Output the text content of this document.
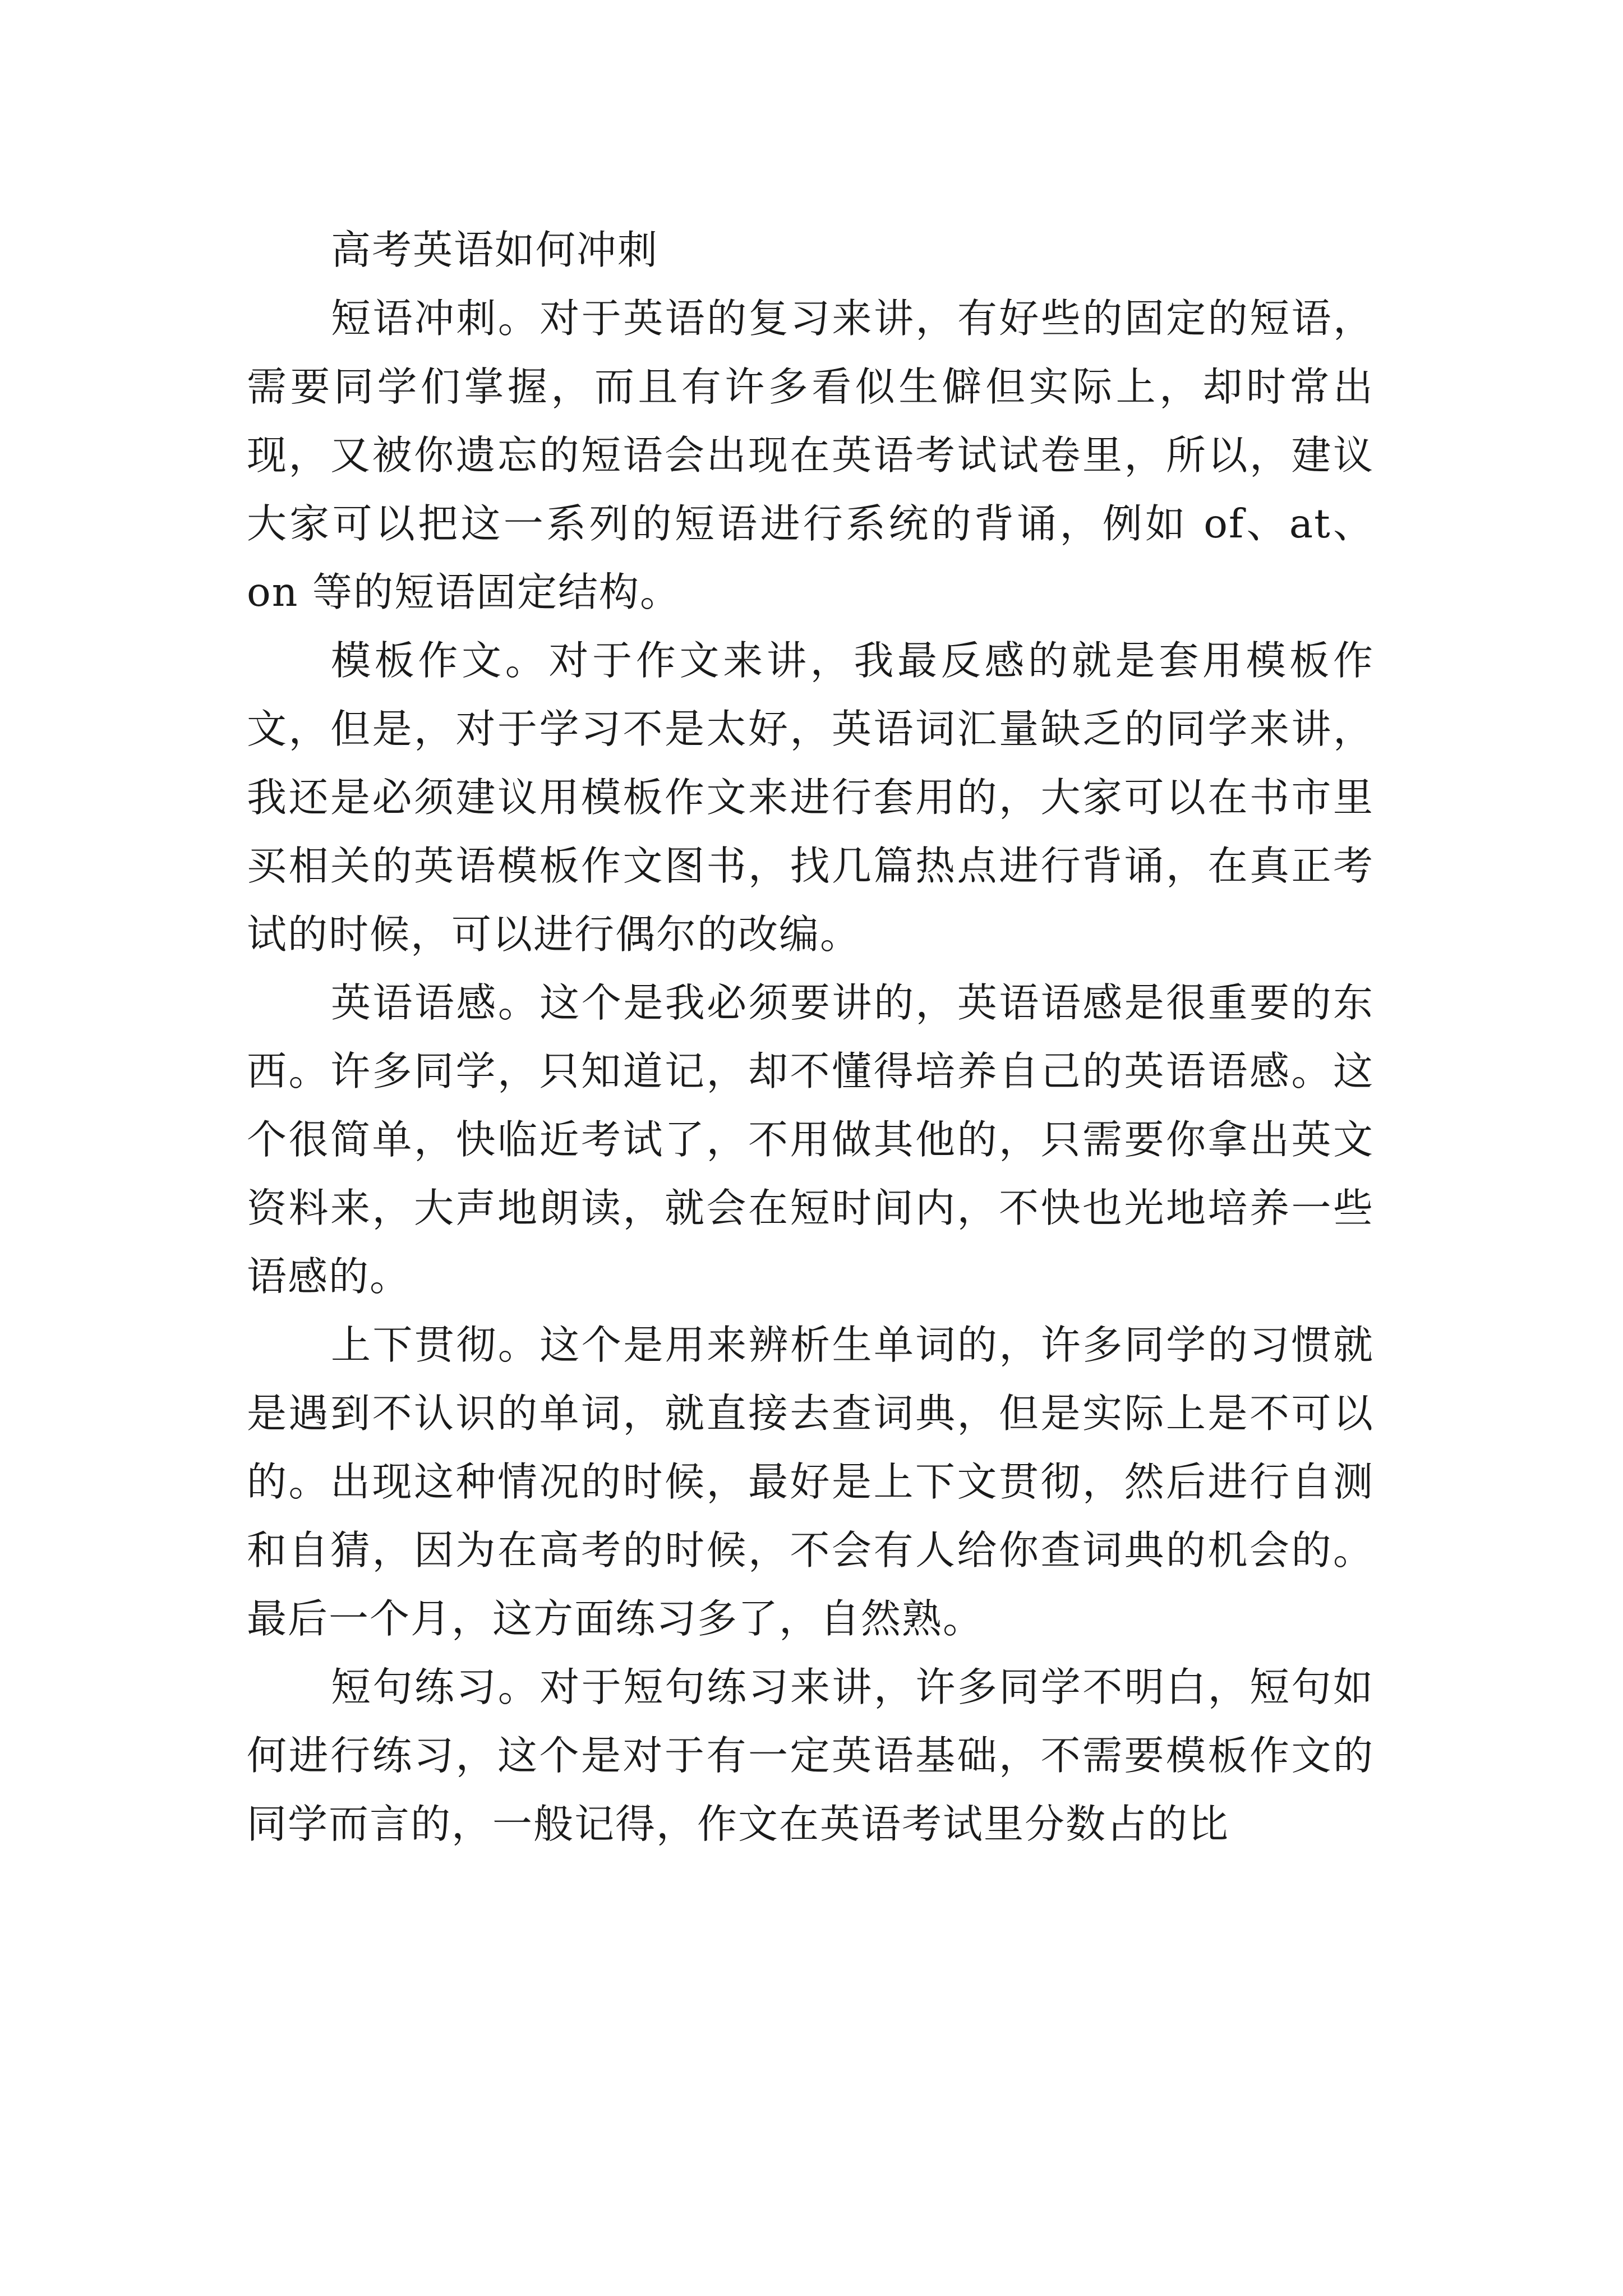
高考英语如何冲刺

短语冲刺。对于英语的复习来讲，有好些的固定的短语，需要同学们掌握，而且有许多看似生僻但实际上，却时常出现，又被你遗忘的短语会出现在英语考试试卷里，所以，建议大家可以把这一系列的短语进行系统的背诵，例如 of、at、on 等的短语固定结构。

模板作文。对于作文来讲，我最反感的就是套用模板作文，但是，对于学习不是太好，英语词汇量缺乏的同学来讲，我还是必须建议用模板作文来进行套用的，大家可以在书市里买相关的英语模板作文图书，找几篇热点进行背诵，在真正考试的时候，可以进行偶尔的改编。

英语语感。这个是我必须要讲的，英语语感是很重要的东西。许多同学，只知道记，却不懂得培养自己的英语语感。这个很简单，快临近考试了，不用做其他的，只需要你拿出英文资料来，大声地朗读，就会在短时间内，不快也光地培养一些语感的。

上下贯彻。这个是用来辨析生单词的，许多同学的习惯就是遇到不认识的单词，就直接去查词典，但是实际上是不可以的。出现这种情况的时候，最好是上下文贯彻，然后进行自测和自猜，因为在高考的时候，不会有人给你查词典的机会的。最后一个月，这方面练习多了，自然熟。

短句练习。对于短句练习来讲，许多同学不明白，短句如何进行练习，这个是对于有一定英语基础，不需要模板作文的同学而言的，一般记得，作文在英语考试里分数占的比
